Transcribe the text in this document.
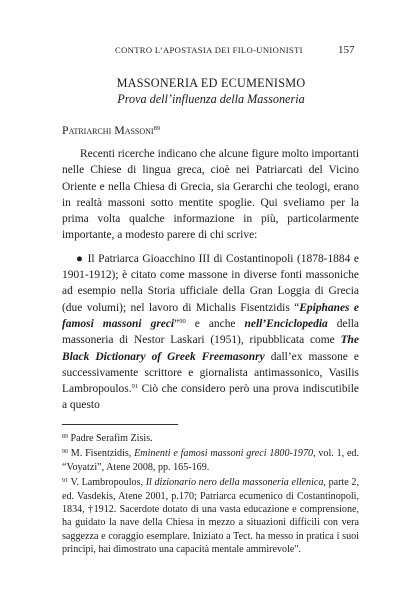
CONTRO L’APOSTASIA DEI FILO-UNIONISTI	157
MASSONERIA ED ECUMENISMO
Prova dell’influenza della Massoneria
Patriarchi Massoni$^{89}$

Recenti ricerche indicano che alcune figure molto importanti nelle Chiese di lingua greca, cioè nei Patriarcati del Vicino Oriente e nella Chiesa di Grecia, sia Gerarchi che teologi, erano in realtà massoni sotto mentite spoglie. Qui sveliamo per la prima volta qualche informazione in più, particolarmente importante, a modesto parere di chi scrive:

● Il Patriarca Gioacchino III di Costantinopoli (1878-1884 e 1901-1912); è citato come massone in diverse fonti massoniche ad esempio nella Storia ufficiale della Gran Loggia di Grecia (due volumi); nel lavoro di Michalis Fisentzidis “Epiphanes e famosi massoni greci”$^{90}$ e anche nell’Enciclopedia della massoneria di Nestor Laskari (1951), ripubblicata come The Black Dictionary of Greek Freemasonry dall’ex massone e successivamente scrittore e giornalista antimassonico, Vasilis Lambropoulos.$^{91}$ Ciò che considero però una prova indiscutibile a questo

$^{89}$ Padre Serafim Zisis.

$^{90}$ M. Fisentzidis, Eminenti e famosi massoni greci 1800-1970, vol. 1, ed. “Voyatzi”, Atene 2008, pp. 165-169.

$^{91}$ V. Lambropoulos, Il dizionario nero della massoneria ellenica, parte 2, ed. Vasdekis, Atene 2001, p.170; Patriarca ecumenico di Costantinopoli, 1834, †1912. Sacerdote dotato di una vasta educazione e comprensione, ha guidato la nave della Chiesa in mezzo a situazioni difficili con vera saggezza e coraggio esemplare. Iniziato a Tect. ha messo in pratica i suoi principi, hai dimostrato una capacità mentale ammirevole".
